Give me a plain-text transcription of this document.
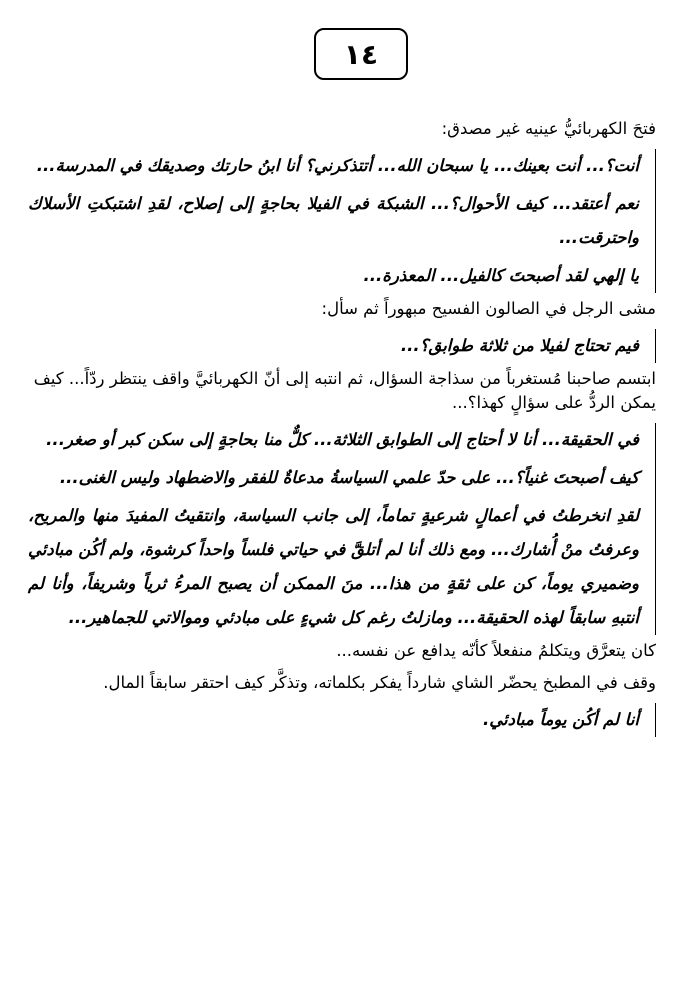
١٤

فتحَ الكهربائيُّ عينيه غير مصدق:

أنت؟... أنت بعينك... يا سبحان الله... أتتذكرني؟ أنا ابنُ حارتك وصديقك في المدرسة...

نعم أعتقد... كيف الأحوال؟... الشبكة في الفيلا بحاجةٍ إلى إصلاح، لقدِ اشتبكتِ الأسلاك واحترقت...

يا إلهي لقد أصبحتَ كالفيل... المعذرة...

مشى الرجل في الصالون الفسيح مبهوراً ثم سأل:

فيم تحتاج لفيلا من ثلاثة طوابق؟...

ابتسم صاحبنا مُستغرباً من سذاجة السؤال، ثم انتبه إلى أنّ الكهربائيَّ واقف ينتظر ردّاً... كيف يمكن الردُّ على سؤالٍ كهذا؟...

في الحقيقة... أنا لا أحتاج إلى الطوابق الثلاثة... كلٌّ منا بحاجةٍ إلى سكن كبر أو صغر...

كيف أصبحتَ غنياً؟... على حدّ علمي السياسةُ مدعاةٌ للفقر والاضطهاد وليس الغنى...

لقدِ انخرطتُ في أعمالٍ شرعيةٍ تماماً، إلى جانب السياسة، وانتقيتُ المفيدَ منها والمريح، وعرفتُ منْ أُشارك... ومع ذلك أنا لم أتلقَّ في حياتي فلساً واحداً كرشوة، ولم أكُن مبادئي وضميري يوماً، كن على ثقةٍ من هذا... منَ الممكن أن يصبح المرءُ ثرياً وشريفاً، وأنا لم أنتبهِ سابقاً لهذه الحقيقة... ومازلتُ رغم كل شيءٍ على مبادئي وموالاتي للجماهير...

كان يتعرَّق ويتكلمُ منفعلاً كأنّه يدافع عن نفسه...

وقف في المطبخ يحضّر الشاي شارداً يفكر بكلماته، وتذكَّر كيف احتقر سابقاً المال.

أنا لم أكُن يوماً مبادئي.
